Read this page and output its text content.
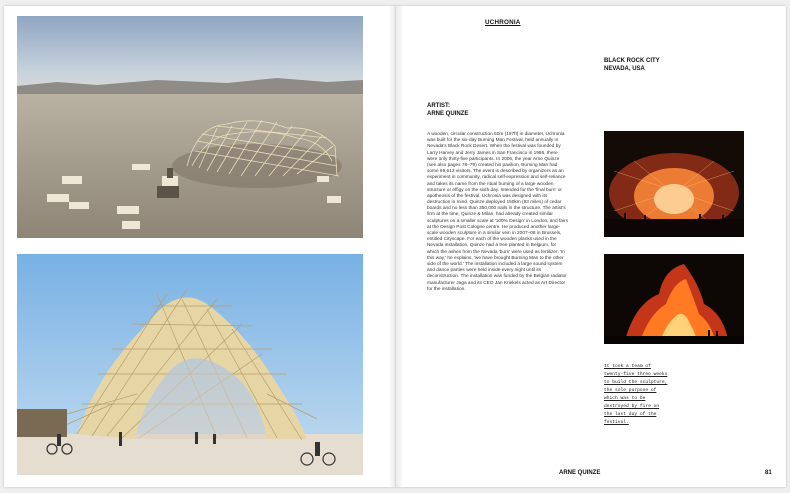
UCHRONIA
BLACK ROCK CITY
NEVADA, USA
ARTIST:
ARNE QUINZE

A wooden, circular construction 60m (197ft) in diameter, Uchronia was built for the six-day Burning Man Festival, held annually in Nevada's Black Rock Desert. When the festival was founded by Larry Harvey and Jerry James in San Francisco in 1986, there were only thirty-five participants. In 2006, the year Arne Quinze (see also pages 78–79) created his pavilion, Burning Man had some 69,613 visitors. The event is described by organizers as an experiment in community, radical self-expression and self-reliance and takes its name from the ritual burning of a large wooden structure or effigy on the sixth day. Intended for the 'final burn' or apotheosis of the festival, Uchronia was designed with its destruction in mind. Quinze deployed 150km (93 miles) of cedar boards and no less than 350,000 nails in the structure. The artist's firm at the time, Quinze & Milan, had already created similar sculptures on a smaller scale at '100% Design' in London, and fairs at the Design Post Cologne centre. He produced another large-scale wooden sculpture in a similar vein in 2007–08 in Brussels, entitled Cityscape. For each of the wooden planks used in the Nevada installation, Quinze had a tree planted in Belgium, for which the ashes from the Nevada 'burn' were used as fertilizer. 'In this way,' he explains, 'we have brought Burning Man to the other side of the world.' The installation included a large sound system and dance parties were held inside every night until its deconstruction. The installation was funded by the Belgian radiator manufacturer Jaga and its CEO Jan Kriekels acted as Art Director for the installation.

It took a team of twenty-five three weeks to build the sculpture, the sole purpose of which was to be destroyed by fire on the last day of the festival.

ARNE QUINZE	81
